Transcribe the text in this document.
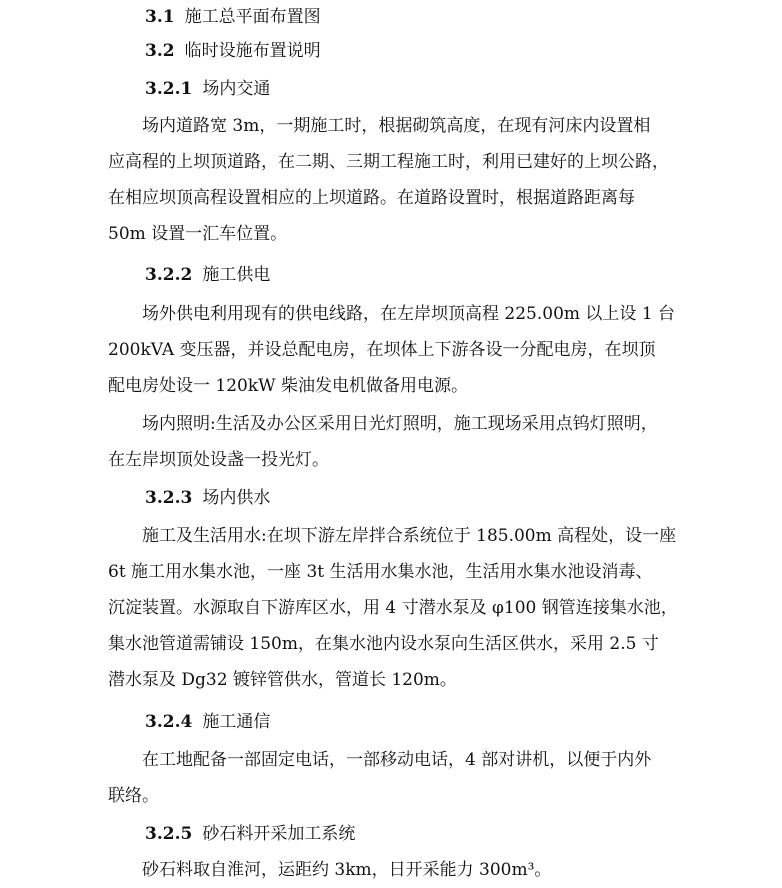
3.1 施工总平面布置图
3.2 临时设施布置说明
3.2.1 场内交通
　　场内道路宽 3m，一期施工时，根据砌筑高度，在现有河床内设置相
应高程的上坝顶道路，在二期、三期工程施工时，利用已建好的上坝公路，
在相应坝顶高程设置相应的上坝道路。在道路设置时，根据道路距离每
50m 设置一汇车位置。
3.2.2 施工供电
　　场外供电利用现有的供电线路，在左岸坝顶高程 225.00m 以上设 1 台
200kVA 变压器，并设总配电房，在坝体上下游各设一分配电房，在坝顶
配电房处设一 120kW 柴油发电机做备用电源。
　　场内照明:生活及办公区采用日光灯照明，施工现场采用点钨灯照明，
在左岸坝顶处设盏一投光灯。
3.2.3 场内供水
　　施工及生活用水:在坝下游左岸拌合系统位于 185.00m 高程处，设一座
6t 施工用水集水池，一座 3t 生活用水集水池，生活用水集水池设消毒、
沉淀装置。水源取自下游库区水，用 4 寸潜水泵及 φ100 钢管连接集水池，
集水池管道需铺设 150m，在集水池内设水泵向生活区供水，采用 2.5 寸
潜水泵及 Dg32 镀锌管供水，管道长 120m。
3.2.4 施工通信
　　在工地配备一部固定电话，一部移动电话，4 部对讲机，以便于内外
联络。
3.2.5 砂石料开采加工系统
　　砂石料取自淮河，运距约 3km，日开采能力 300m³。
